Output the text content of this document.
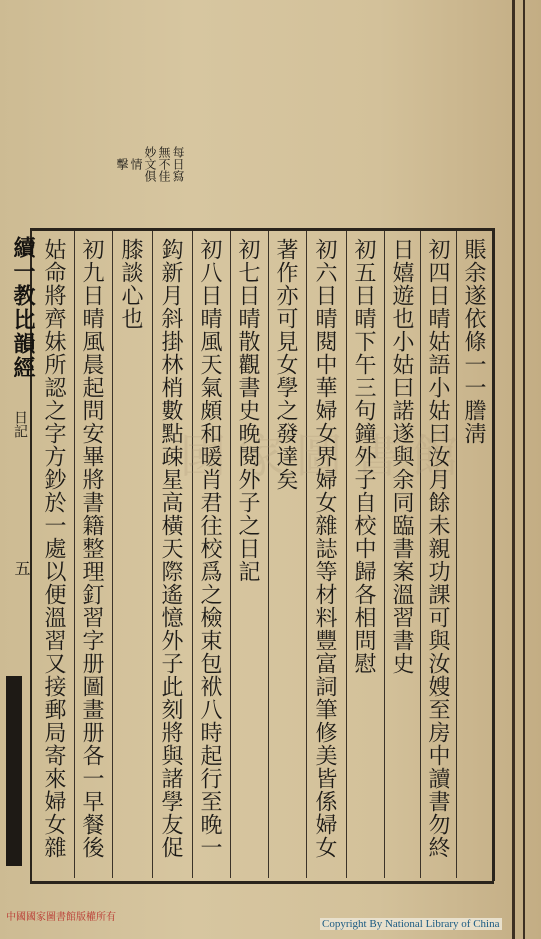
每日寫
無不佳
妙文俱
情
擊
續一教比韻經
日記
五
國家圖書館
賬余遂依條一一謄淸
初四日晴姑語小姑曰汝月餘未親功課可與汝嫂至房中讀書勿終
日嬉遊也小姑曰諾遂與余同臨書案溫習書史
初五日晴下午三句鐘外子自校中歸各相問慰
初六日晴閱中華婦女界婦女雜誌等材料豐富詞筆修美皆係婦女
著作亦可見女學之發達矣
初七日晴散觀書史晚閱外子之日記
初八日晴風天氣頗和暖肖君往校爲之檢束包袱八時起行至晚一
鈎新月斜掛林梢數點疎星高橫天際遙憶外子此刻將與諸學友促
膝談心也
初九日晴風晨起問安畢將書籍整理釘習字册圖畫册各一早餐後
姑命將齊妹所認之字方鈔於一處以便溫習又接郵局寄來婦女雜
中國國家圖書館版權所有
Copyright By National Library of China
